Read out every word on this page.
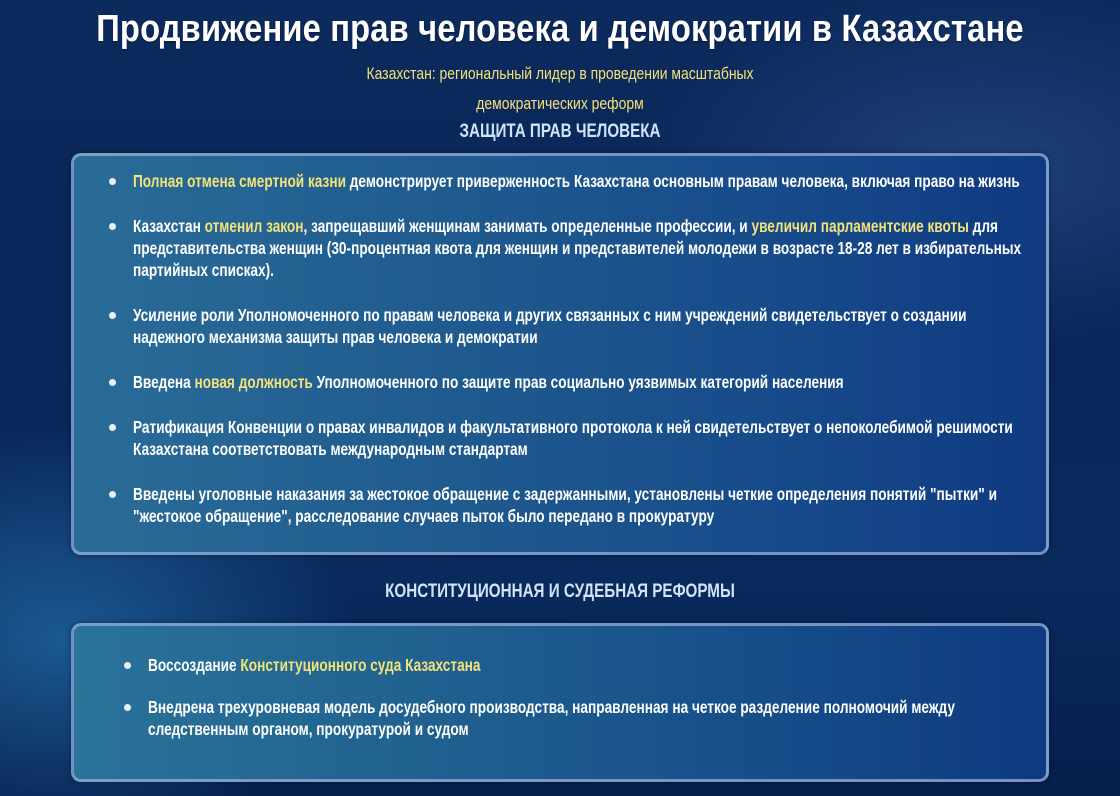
Продвижение прав человека и демократии в Казахстане
Казахстан: региональный лидер в проведении масштабных
демократических реформ
ЗАЩИТА ПРАВ ЧЕЛОВЕКА
Полная отмена смертной казни демонстрирует приверженность Казахстана основным правам человека, включая право на жизнь
Казахстан отменил закон, запрещавший женщинам занимать определенные профессии, и увеличил парламентские квоты для представительства женщин (30-процентная квота для женщин и представителей молодежи в возрасте 18-28 лет в избирательных партийных списках).
Усиление роли Уполномоченного по правам человека и других связанных с ним учреждений свидетельствует о создании надежного механизма защиты прав человека и демократии
Введена новая должность Уполномоченного по защите прав социально уязвимых категорий населения
Ратификация Конвенции о правах инвалидов и факультативного протокола к ней свидетельствует о непоколебимой решимости Казахстана соответствовать международным стандартам
Введены уголовные наказания за жестокое обращение с задержанными, установлены четкие определения понятий "пытки" и "жестокое обращение", расследование случаев пыток было передано в прокуратуру
КОНСТИТУЦИОННАЯ И СУДЕБНАЯ РЕФОРМЫ
Воссоздание Конституционного суда Казахстана
Внедрена трехуровневая модель досудебного производства, направленная на четкое разделение полномочий между следственным органом, прокуратурой и судом
